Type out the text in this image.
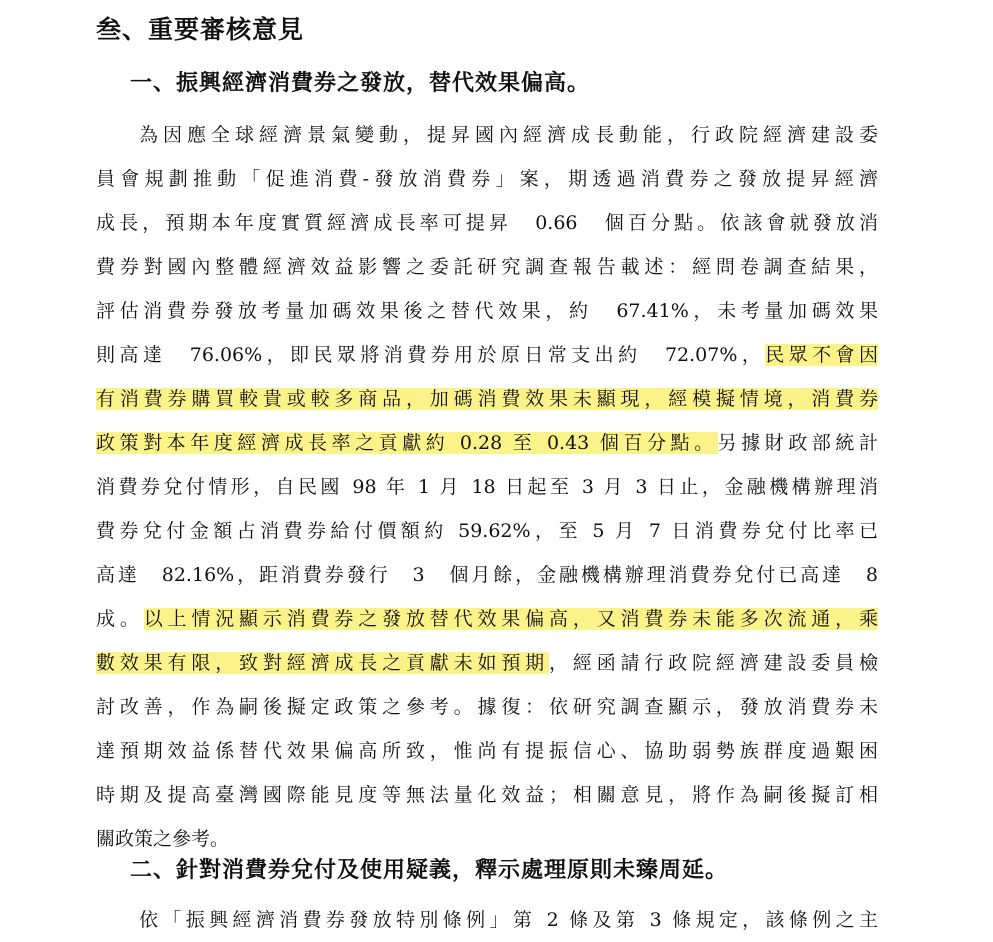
叁、重要審核意見
一、振興經濟消費券之發放，替代效果偏高。
為因應全球經濟景氣變動，提昇國內經濟成長動能，行政院經濟建設委
員會規劃推動「促進消費-發放消費券」案，期透過消費券之發放提昇經濟
成長，預期本年度實質經濟成長率可提昇　0.66　個百分點。依該會就發放消
費券對國內整體經濟效益影響之委託研究調查報告載述：經問卷調查結果，
評估消費券發放考量加碼效果後之替代效果，約　67.41%，未考量加碼效果
則高達　76.06%，即民眾將消費券用於原日常支出約　72.07%，民眾不會因
有消費券購買較貴或較多商品，加碼消費效果未顯現，經模擬情境，消費券
政策對本年度經濟成長率之貢獻約 0.28 至 0.43 個百分點。另據財政部統計
消費券兌付情形，自民國 98 年 1 月 18 日起至 3 月 3 日止，金融機構辦理消
費券兌付金額占消費券給付價額約 59.62%，至 5 月 7 日消費券兌付比率已
高達　82.16%，距消費券發行　3　個月餘，金融機構辦理消費券兌付已高達　8
成。以上情況顯示消費券之發放替代效果偏高，又消費券未能多次流通，乘
數效果有限，致對經濟成長之貢獻未如預期，經函請行政院經濟建設委員檢
討改善，作為嗣後擬定政策之參考。據復：依研究調查顯示，發放消費券未
達預期效益係替代效果偏高所致，惟尚有提振信心、協助弱勢族群度過艱困
時期及提高臺灣國際能見度等無法量化效益；相關意見，將作為嗣後擬訂相
關政策之參考。
二、針對消費券兌付及使用疑義，釋示處理原則未臻周延。
依「振興經濟消費券發放特別條例」第 2 條及第 3 條規定，該條例之主
